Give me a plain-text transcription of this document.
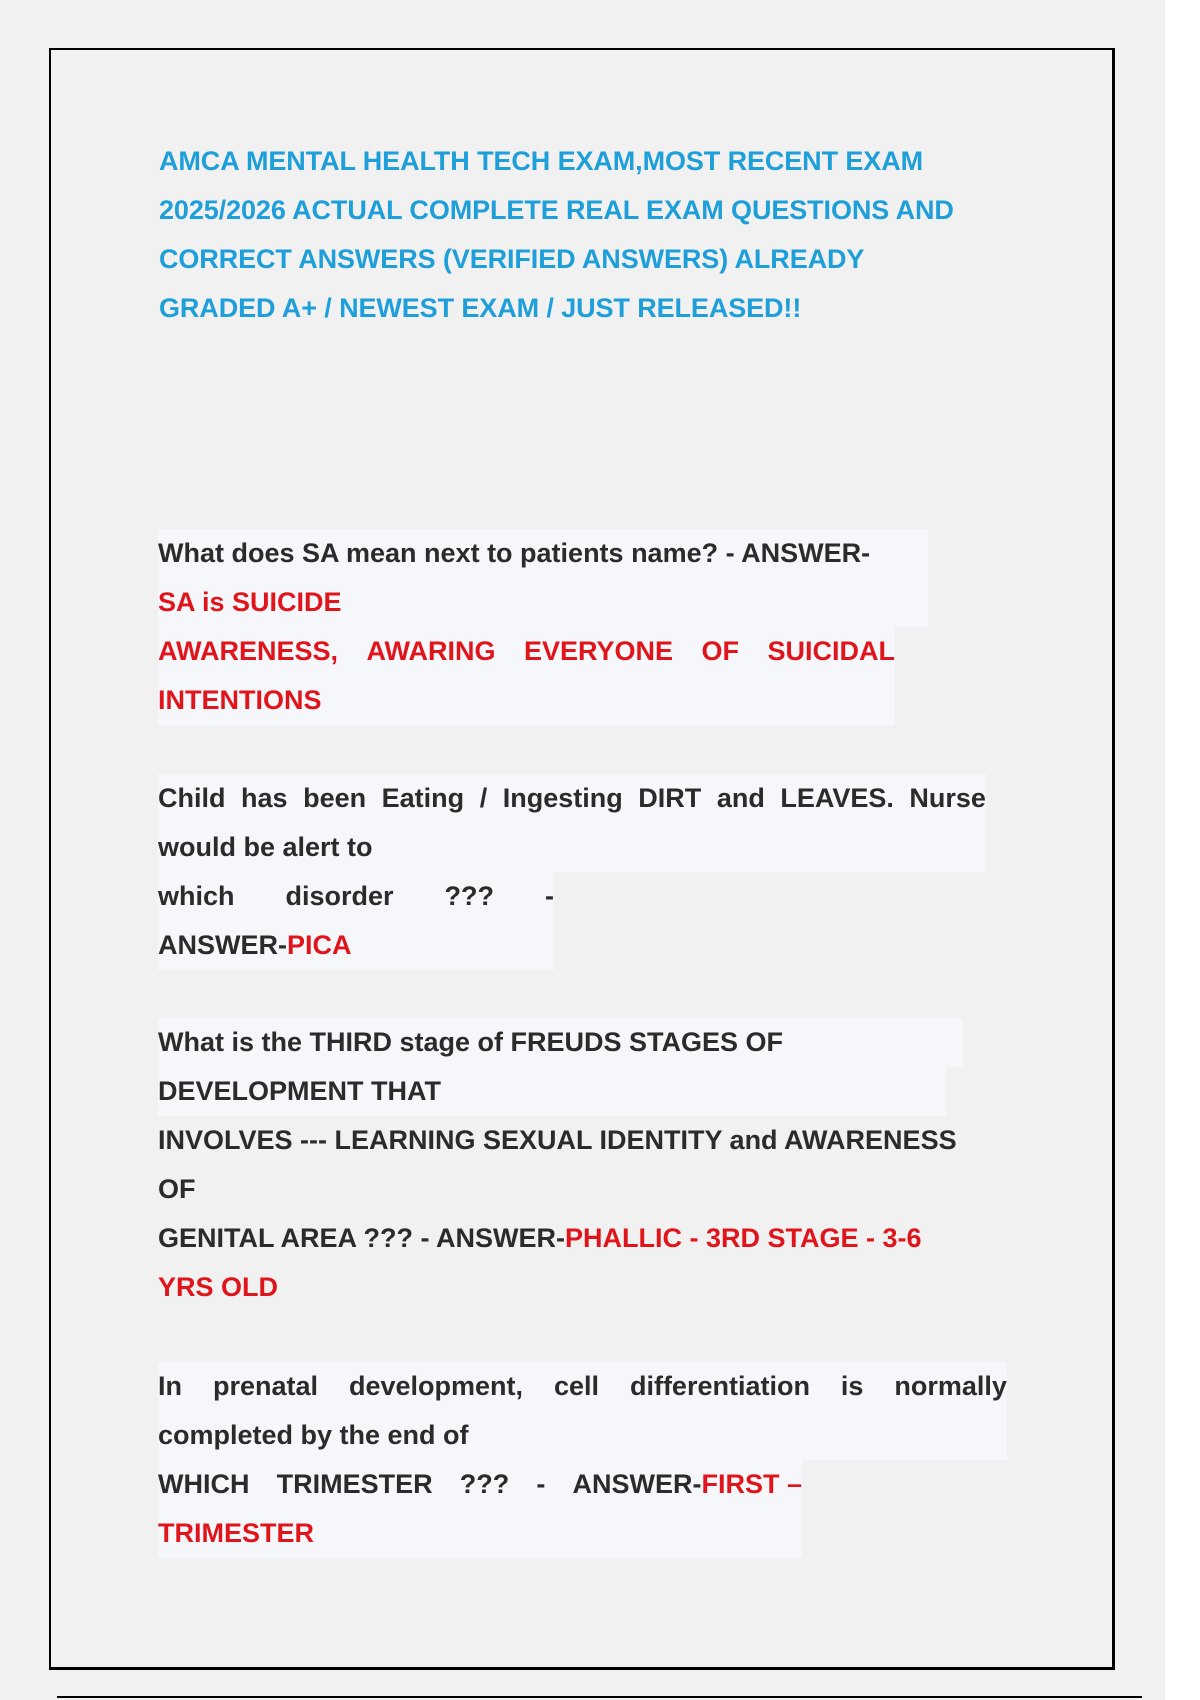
AMCA MENTAL HEALTH TECH EXAM,MOST RECENT EXAM
2025/2026 ACTUAL COMPLETE REAL EXAM QUESTIONS AND
CORRECT ANSWERS (VERIFIED ANSWERS) ALREADY
GRADED A+ / NEWEST EXAM / JUST RELEASED!!
What does SA mean next to patients name? - ANSWER-
SA is SUICIDE
AWARENESS, AWARING EVERYONE OF SUICIDAL
INTENTIONS
Child has been Eating / Ingesting DIRT and LEAVES. Nurse
would be alert to
which disorder ??? -
ANSWER-PICA
What is the THIRD stage of FREUDS STAGES OF
DEVELOPMENT THAT
INVOLVES --- LEARNING SEXUAL IDENTITY and AWARENESS
OF
GENITAL AREA ??? - ANSWER-PHALLIC - 3RD STAGE - 3-6
YRS OLD
In prenatal development, cell differentiation is normally
completed by the end of
WHICH TRIMESTER ??? - ANSWER-FIRST –
TRIMESTER
